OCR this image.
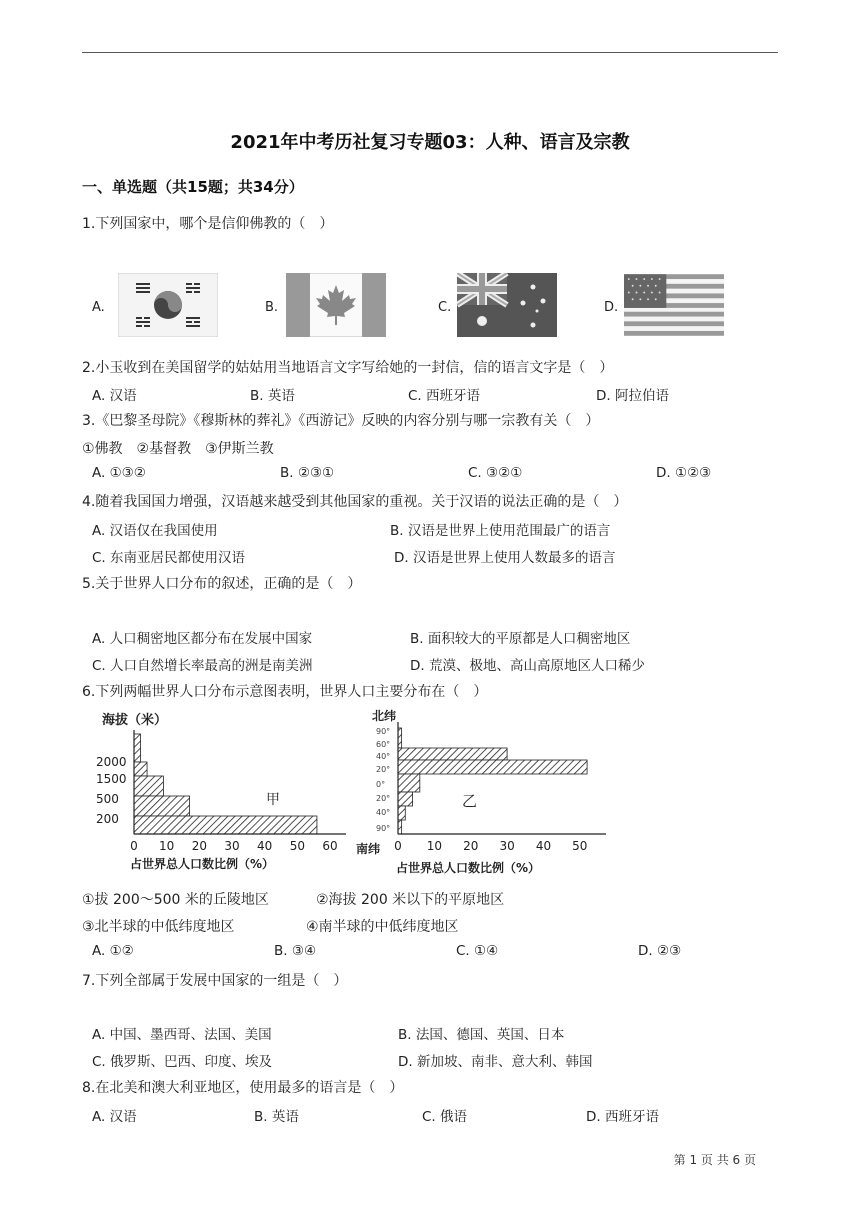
2021年中考历社复习专题03：人种、语言及宗教
一、单选题（共15题；共34分）
1.下列国家中，哪个是信仰佛教的（　）
A.	B.	C.	D.
2.小玉收到在美国留学的姑姑用当地语言文字写给她的一封信，信的语言文字是（　）
A. 汉语	B. 英语	C. 西班牙语	D. 阿拉伯语
3.《巴黎圣母院》《穆斯林的葬礼》《西游记》反映的内容分别与哪一宗教有关（　）
①佛教　②基督教　③伊斯兰教
A. ①③②	B. ②③①	C. ③②①	D. ①②③
4.随着我国国力增强，汉语越来越受到其他国家的重视。关于汉语的说法正确的是（　）
A. 汉语仅在我国使用	B. 汉语是世界上使用范围最广的语言
C. 东南亚居民都使用汉语	D. 汉语是世界上使用人数最多的语言
5.关于世界人口分布的叙述，正确的是（　）
A. 人口稠密地区都分布在发展中国家	B. 面积较大的平原都是人口稠密地区
C. 人口自然增长率最高的洲是南美洲	D. 荒漠、极地、高山高原地区人口稀少
6.下列两幅世界人口分布示意图表明，世界人口主要分布在（　）
海拔（米）
甲
占世界总人口数比例（%）
2000
1500
500
200
0 10 20 30 40 50 60
北纬
南纬
乙
占世界总人口数比例（%）
90°
60°
40°
20°
0°
20°
40°
90°
0 10 20 30 40 50
①拔 200～500 米的丘陵地区	②海拔 200 米以下的平原地区
③北半球的中低纬度地区	④南半球的中低纬度地区
A. ①②	B. ③④	C. ①④	D. ②③
7.下列全部属于发展中国家的一组是（　）
A. 中国、墨西哥、法国、美国	B. 法国、德国、英国、日本
C. 俄罗斯、巴西、印度、埃及	D. 新加坡、南非、意大利、韩国
8.在北美和澳大利亚地区，使用最多的语言是（　）
A. 汉语	B. 英语	C. 俄语	D. 西班牙语
第 1 页 共 6 页
